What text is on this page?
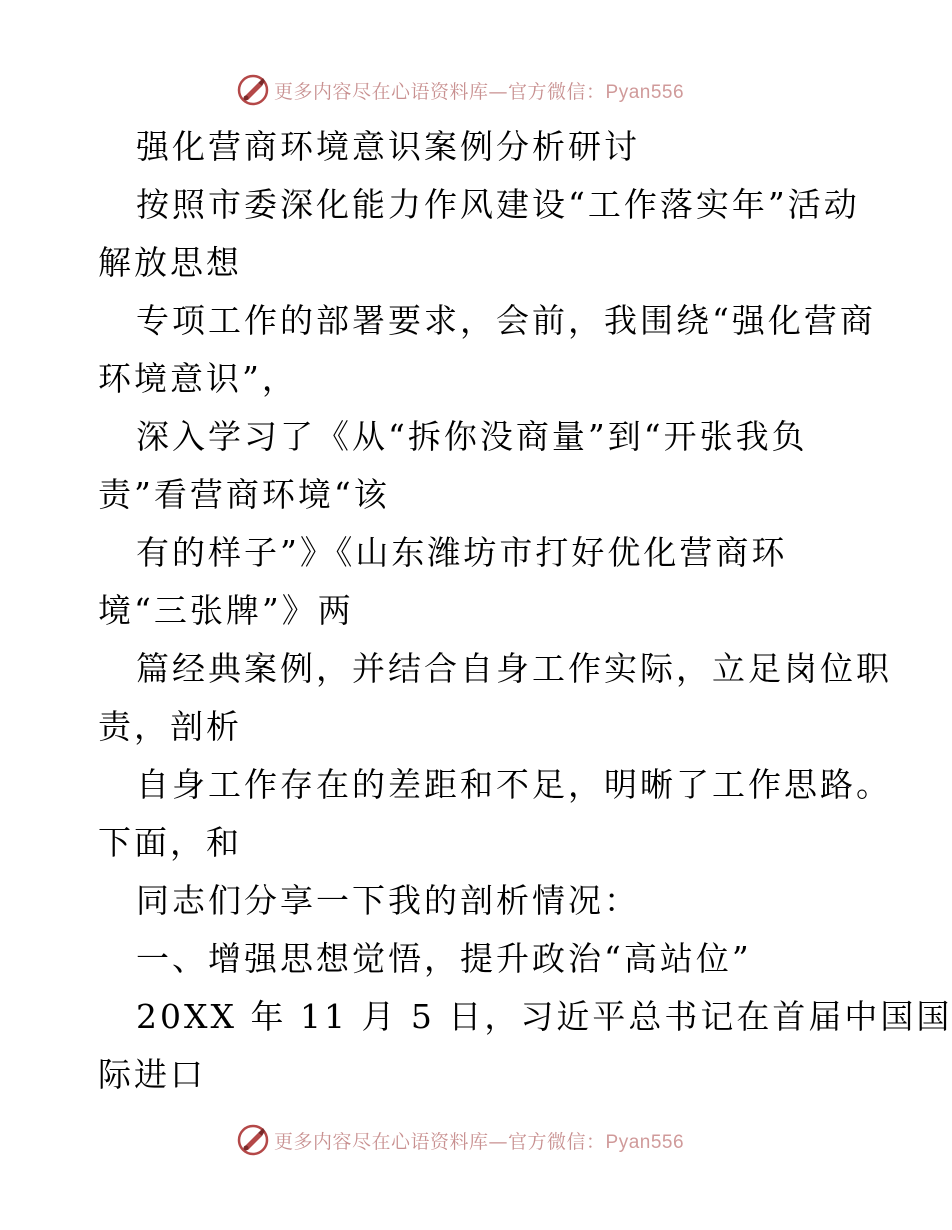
更多内容尽在心语资料库—官方微信：Pyan556
强化营商环境意识案例分析研讨
按照市委深化能力作风建设“工作落实年”活动
解放思想
专项工作的部署要求，会前，我围绕“强化营商
环境意识”，
深入学习了《从“拆你没商量”到“开张我负
责”看营商环境“该
有的样子”》《山东潍坊市打好优化营商环
境“三张牌”》两
篇经典案例，并结合自身工作实际，立足岗位职
责，剖析
自身工作存在的差距和不足，明晰了工作思路。
下面，和
同志们分享一下我的剖析情况：
一、增强思想觉悟，提升政治“高站位”
20XX 年 11 月 5 日，习近平总书记在首届中国国
际进口
更多内容尽在心语资料库—官方微信：Pyan556
